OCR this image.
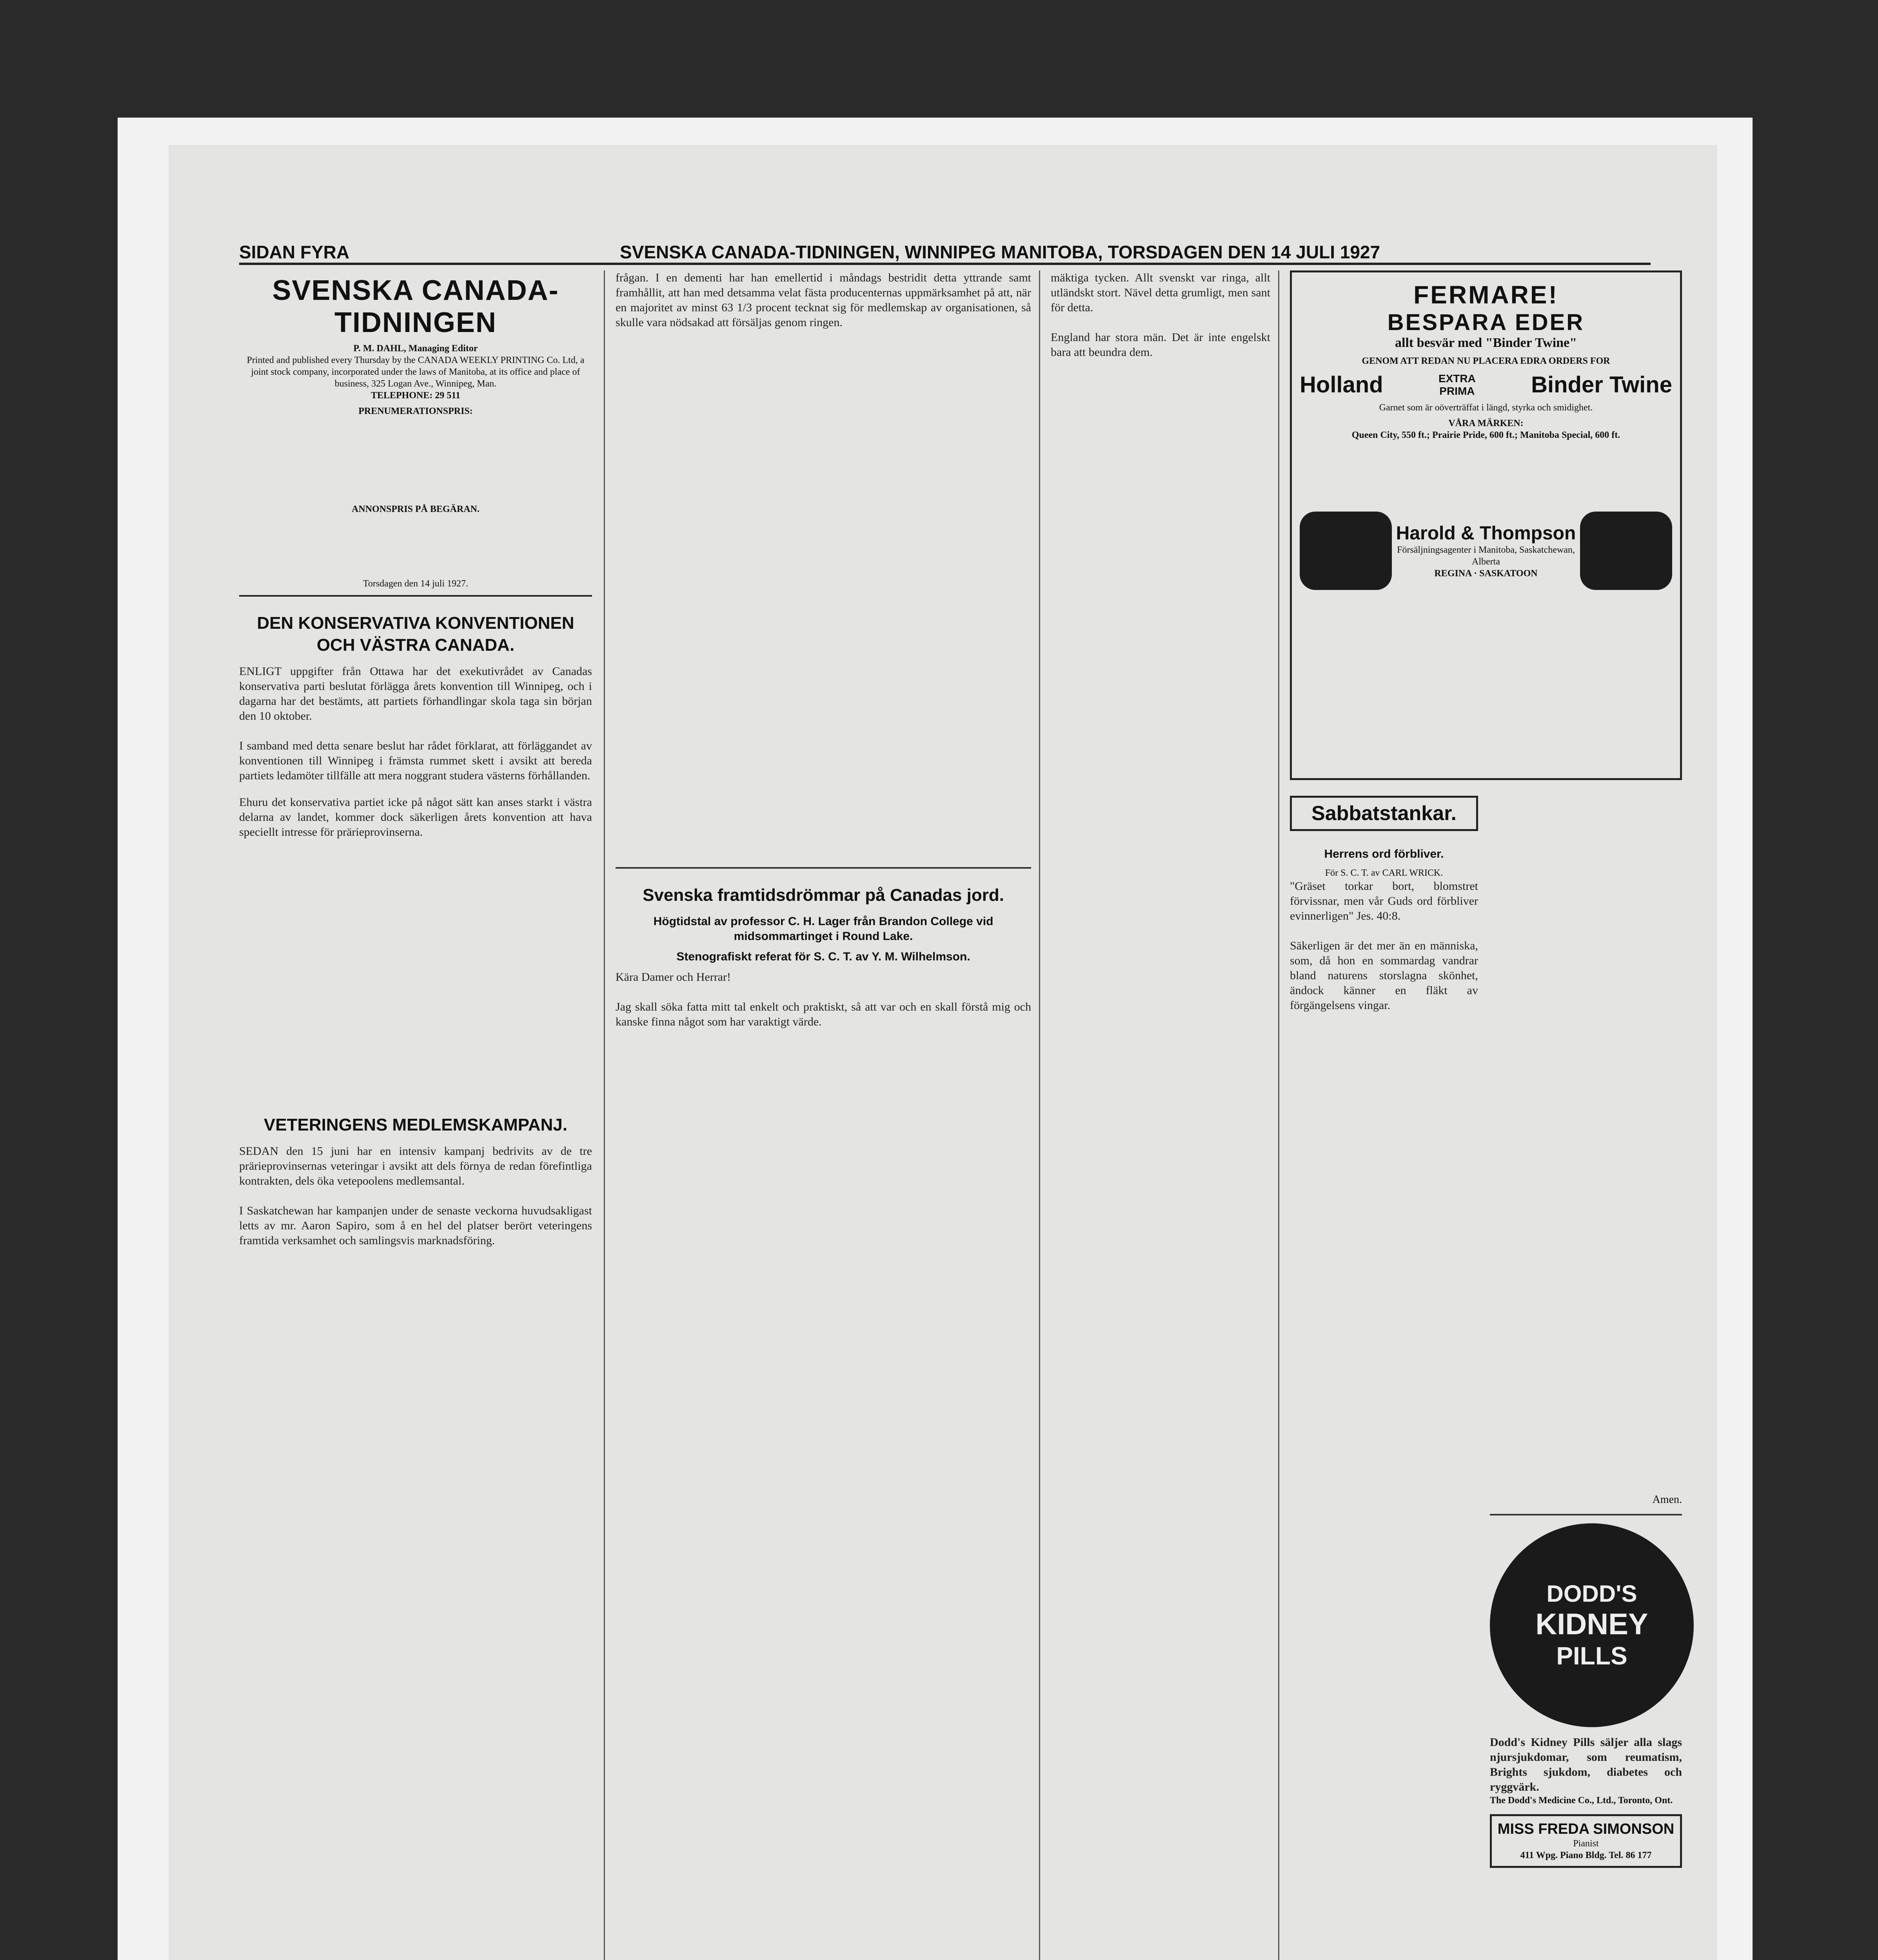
SIDAN FYRA	SVENSKA CANADA-TIDNINGEN, WINNIPEG MANITOBA, TORSDAGEN DEN 14 JULI 1927
SVENSKA CANADA-TIDNINGEN
P. M. DAHL, Managing Editor
Printed and published every Thursday by the CANADA WEEKLY PRINTING Co. Ltd, a joint stock company, incorporated under the laws of Manitoba, at its office and place of business, 325 Logan Ave., Winnipeg, Man.
TELEPHONE: 29 511
PRENUMERATIONSPRIS:
ANNONSPRIS PÅ BEGÄRAN.
Torsdagen den 14 juli 1927.
DEN KONSERVATIVA KONVENTIONEN OCH VÄSTRA CANADA.
ENLIGT uppgifter från Ottawa har det exekutivrådet av Canadas konservativa parti beslutat förlägga årets konvention till Winnipeg, och i dagarna har det bestämts, att partiets förhandlingar skola taga sin början den 10 oktober.

I samband med detta senare beslut har rådet förklarat, att förläggandet av konventionen till Winnipeg i främsta rummet skett i avsikt att bereda partiets ledamöter tillfälle att mera noggrant studera västerns förhållanden.
Ehuru det konservativa partiet icke på något sätt kan anses starkt i västra delarna av landet, kommer dock säkerligen årets konvention att hava speciellt intresse för prärieprovinserna.
VETERINGENS MEDLEMSKAMPANJ.
SEDAN den 15 juni har en intensiv kampanj bedrivits av de tre prärieprovinsernas veteringar i avsikt att dels förnya de redan förefintliga kontrakten, dels öka vetepoolens medlemsantal.

I Saskatchewan har kampanjen under de senaste veckorna huvudsakligast letts av mr. Aaron Sapiro, som å en hel del platser berört veteringens framtida verksamhet och samlingsvis marknadsföring.
frågan. I en dementi har han emellertid i måndags bestridit detta yttrande samt framhållit, att han med detsamma velat fästa producenternas uppmärksamhet på att, när en majoritet av minst 63 1/3 procent tecknat sig för medlemskap av organisationen, så skulle vara nödsakad att försäljas genom ringen.
Svenska framtidsdrömmar på Canadas jord.
Högtidstal av professor C. H. Lager från Brandon College vid midsommartinget i Round Lake.
Stenografiskt referat för S. C. T. av Y. M. Wilhelmson.
Kära Damer och Herrar!

Jag skall söka fatta mitt tal enkelt och praktiskt, så att var och en skall förstå mig och kanske finna något som har varaktigt värde.
mäktiga tycken. Allt svenskt var ringa, allt utländskt stort. Nävel detta grumligt, men sant för detta.

England har stora män. Det är inte engelskt bara att beundra dem.
FERMARE!
BESPARA EDER
allt besvär med "Binder Twine"
GENOM ATT REDAN NU PLACERA EDRA ORDERS FOR
Holland	EXTRA
PRIMA Binder Twine
Garnet som är oöverträffat i längd, styrka och smidighet.
VÅRA MÄRKEN:
Queen City, 550 ft.; Prairie Pride, 600 ft.; Manitoba Special, 600 ft.
Harold & Thompson
Försäljningsagenter i Manitoba, Saskatchewan, Alberta
REGINA · SASKATOON
Sabbatstankar.
Herrens ord förbliver.
För S. C. T. av CARL WRICK.
"Gräset torkar bort, blomstret förvissnar, men vår Guds ord förbliver evinnerligen" Jes. 40:8.

Säkerligen är det mer än en människa, som, då hon en sommardag vandrar bland naturens storslagna skönhet, ändock känner en fläkt av förgängelsens vingar.
Amen.
DODD'S
KIDNEY
PILLS
Dodd's Kidney Pills säljer alla slags njursjukdomar, som reumatism, Brights sjukdom, diabetes och ryggvärk.
The Dodd's Medicine Co., Ltd., Toronto, Ont.
MISS FREDA SIMONSON
Pianist
411 Wpg. Piano Bldg. Tel. 86 177
